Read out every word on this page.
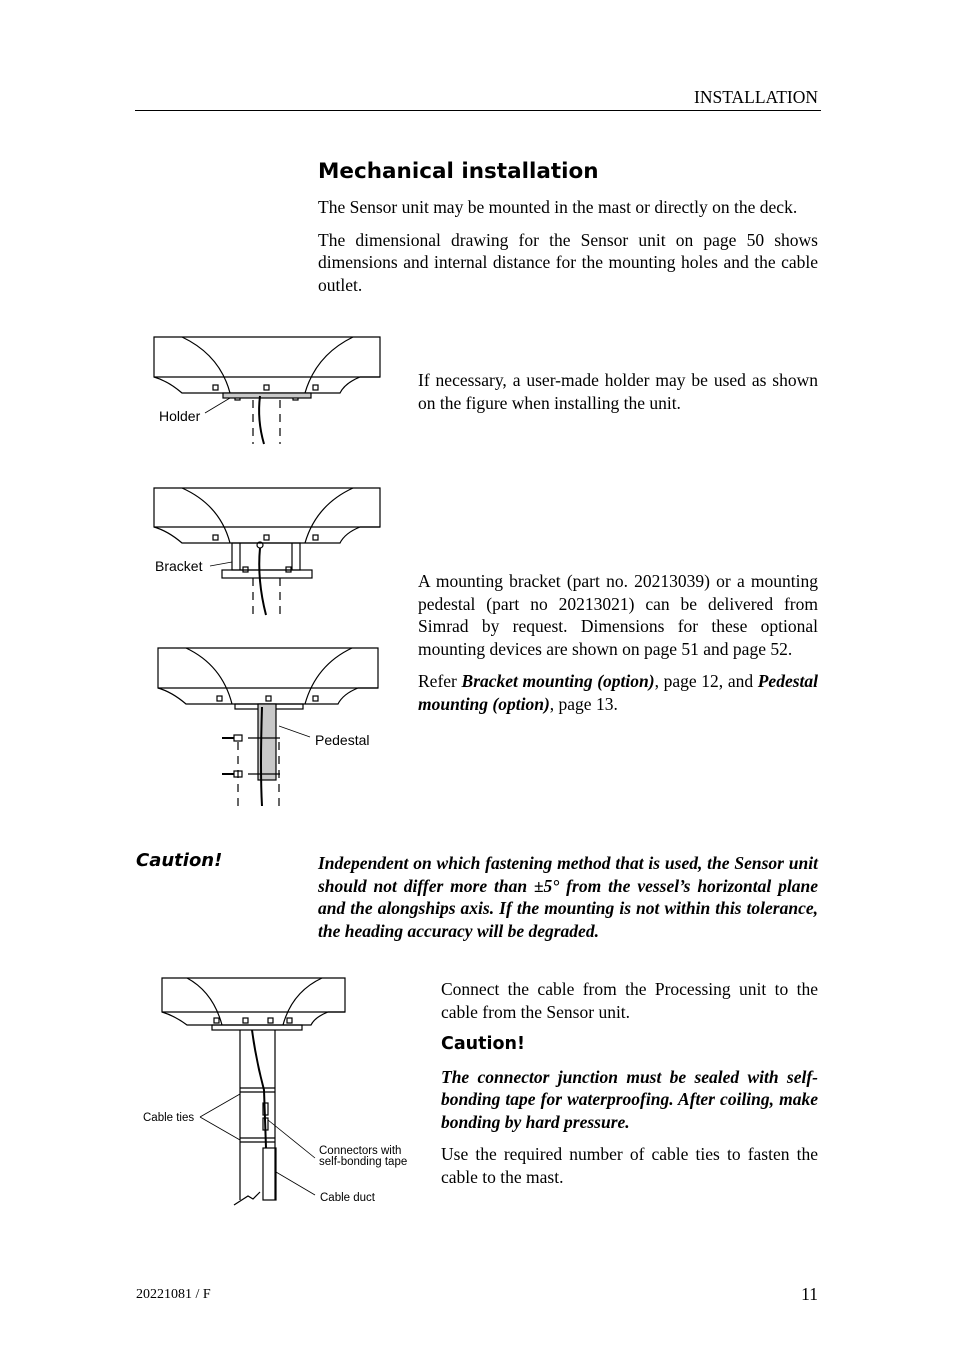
INSTALLATION
Mechanical installation

The Sensor unit may be mounted in the mast or directly on the deck.

The dimensional drawing for the Sensor unit on page 50 shows dimensions and internal distance for the mounting holes and the cable outlet.

If necessary, a user-made holder may be used as shown on the figure when installing the unit.

A mounting bracket (part no. 20213039) or a mounting pedestal (part no 20213021) can be delivered from Simrad by request. Dimensions for these optional mounting devices are shown on page 51 and page 52.

Refer Bracket mounting (option), page 12, and Pedestal mounting (option), page 13.

Caution!	Independent on which fastening method that is used, the Sensor unit should not differ more than ±5° from the vessel’s horizontal plane and the alongships axis. If the mounting is not within this tolerance, the heading accuracy will be degraded.

Connect the cable from the Processing unit to the cable from the Sensor unit.

Caution!

The connector junction must be sealed with self-bonding tape for waterproofing. After coiling, make bonding by hard pressure.

Use the required number of cable ties to fasten the cable to the mast.

Holder
Bracket
Pedestal
Cable ties
Connectors with
self-bonding tape
Cable duct
20221081 / F	11
